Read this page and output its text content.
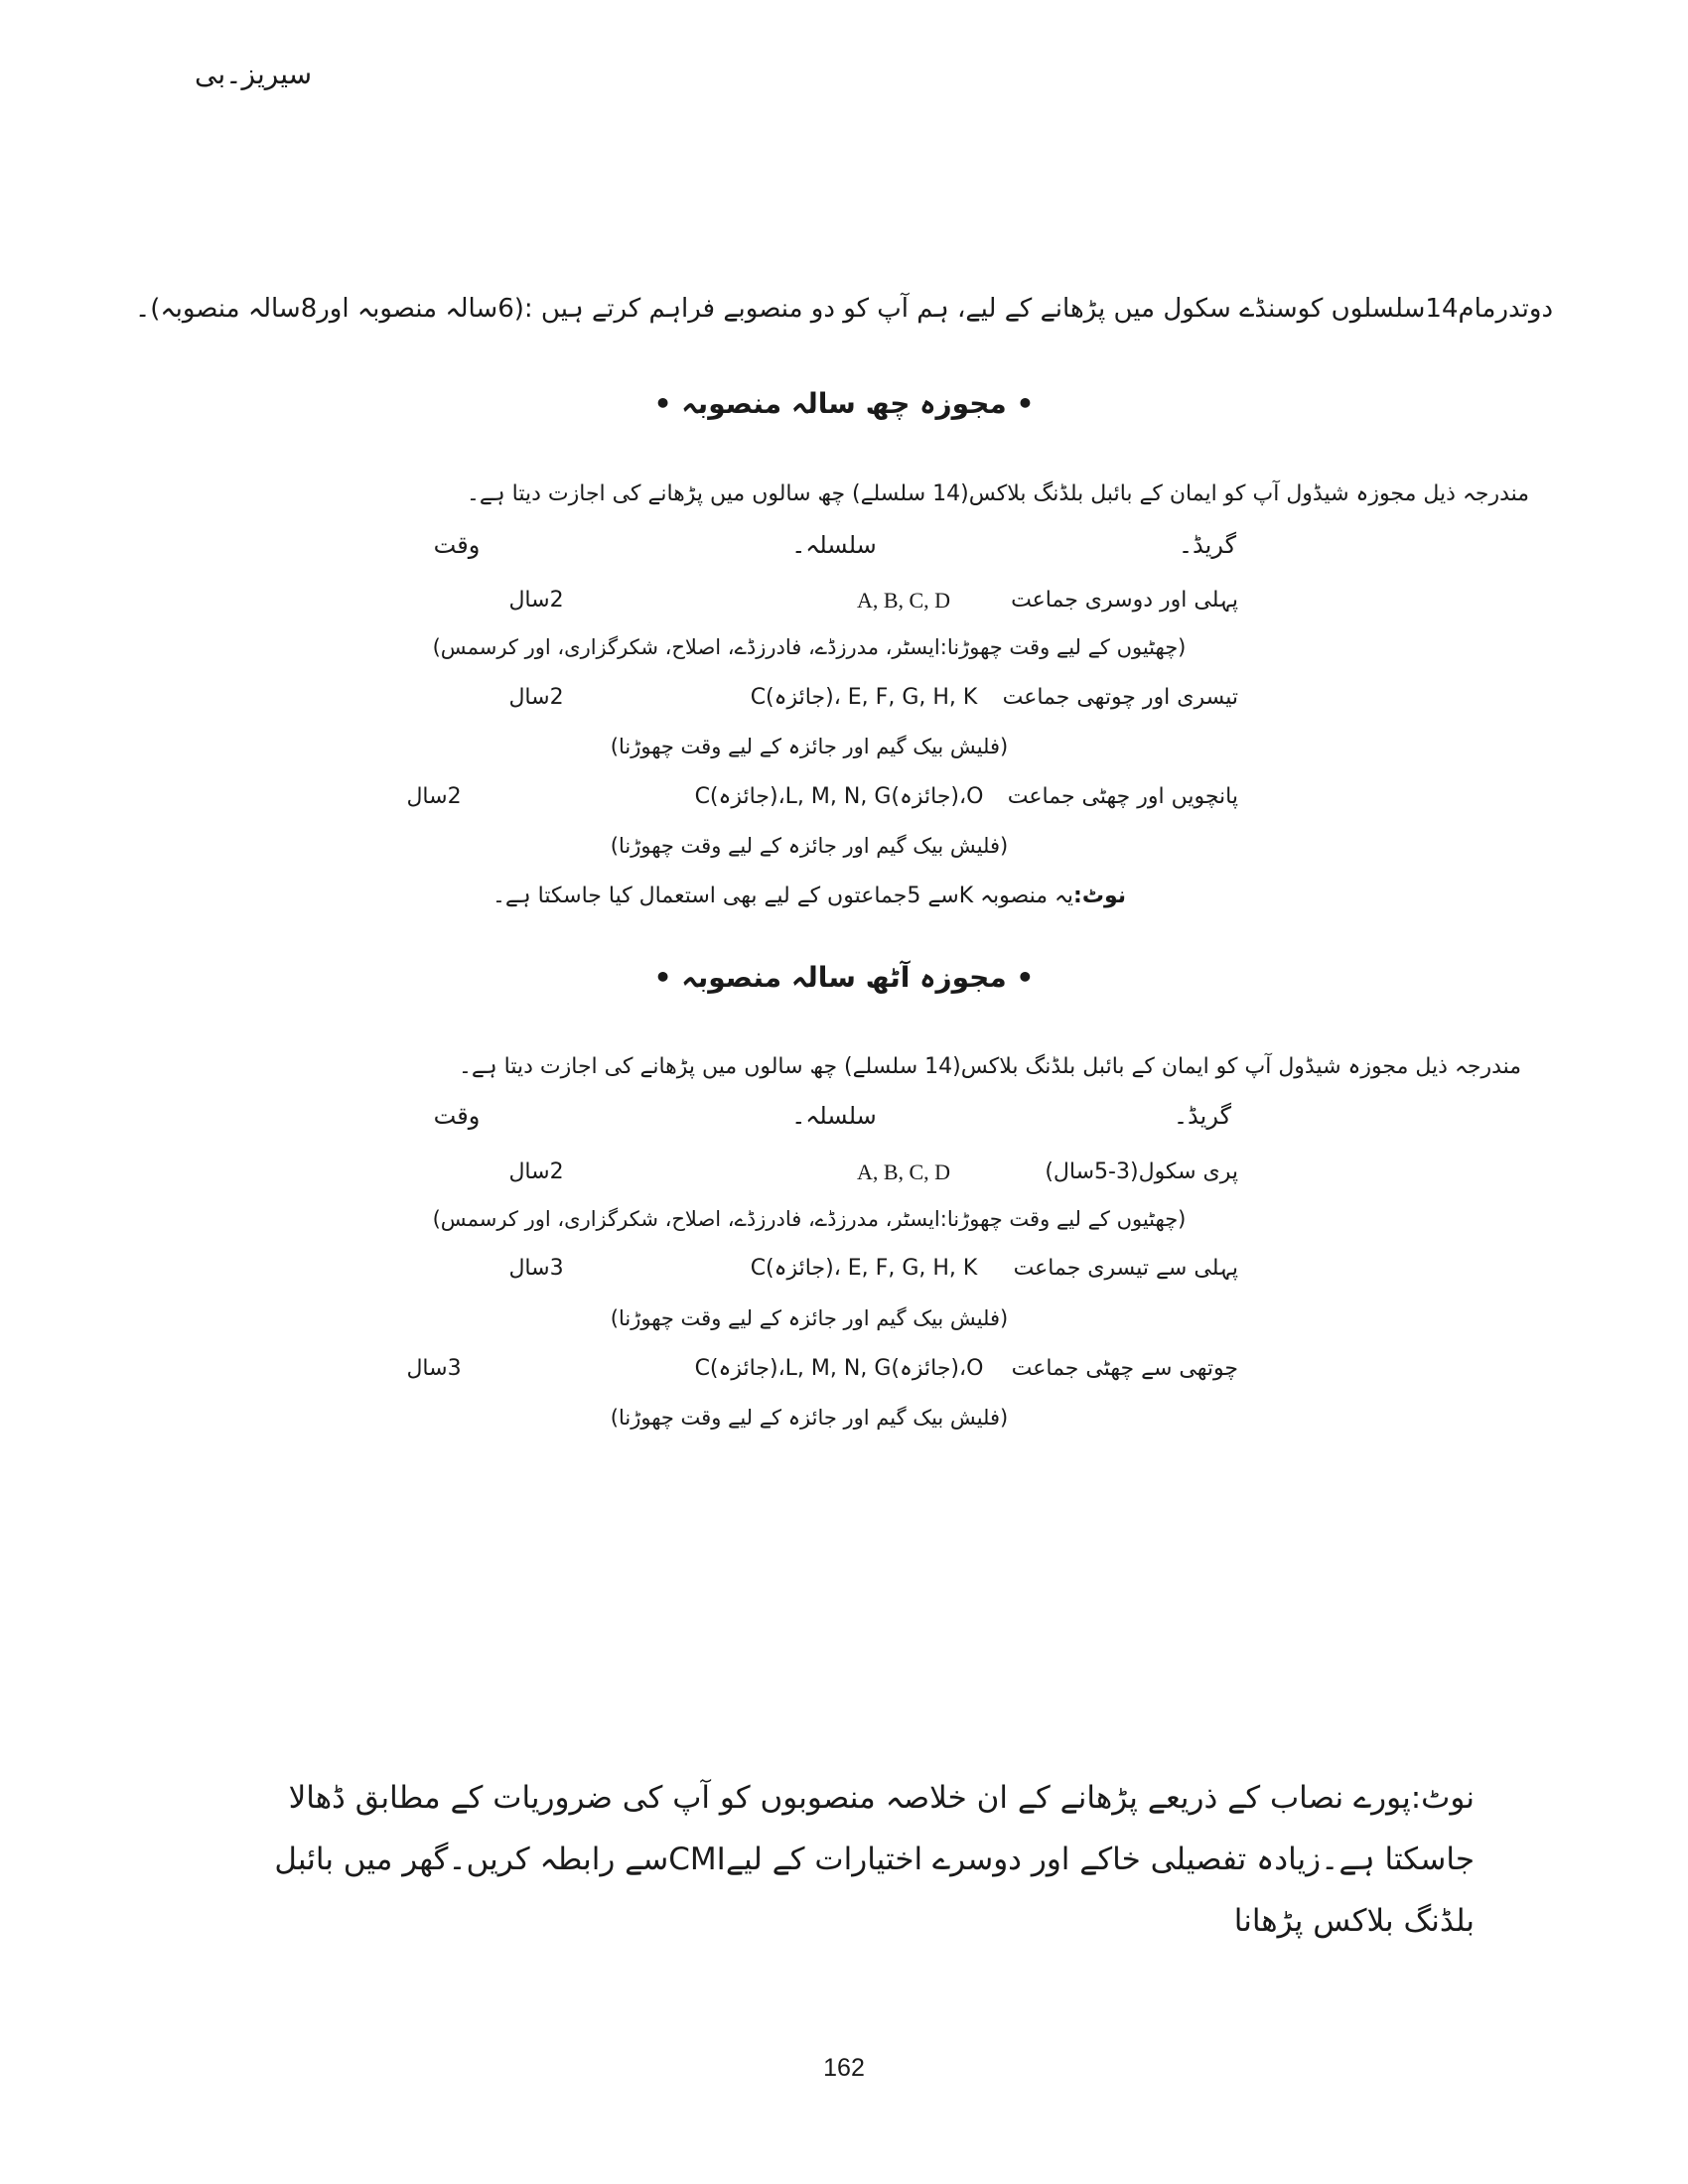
سیریز۔بی
دوتدرمام14سلسلوں کوسنڈے سکول میں پڑھانے کے لیے، ہم آپ کو دو منصوبے فراہم کرتے ہیں :(6سالہ منصوبہ اور8سالہ منصوبہ)۔
• مجوزہ چھ سالہ منصوبہ •
مندرجہ ذیل مجوزہ شیڈول آپ کو ایمان کے بائبل بلڈنگ بلاکس(14 سلسلے) چھ سالوں میں پڑھانے کی اجازت دیتا ہے۔
گریڈ۔
سلسلہ۔
وقت
پہلی اور دوسری جماعت
A, B, C, D
2سال
(چھٹیوں کے لیے وقت چھوڑنا:ایسٹر، مدرزڈے، فادرزڈے، اصلاح، شکرگزاری، اور کرسمس)
تیسری اور چوتھی جماعت
C(جائزہ)، E, F, G, H, K
2سال
(فلیش بیک گیم اور جائزہ کے لیے وقت چھوڑنا)
پانچویں اور چھٹی جماعت
C(جائزہ)،L, M, N, G(جائزہ)،O
2سال
(فلیش بیک گیم اور جائزہ کے لیے وقت چھوڑنا)
نوٹ:یہ منصوبہ Kسے 5جماعتوں کے لیے بھی استعمال کیا جاسکتا ہے۔
• مجوزہ آٹھ سالہ منصوبہ •
مندرجہ ذیل مجوزہ شیڈول آپ کو ایمان کے بائبل بلڈنگ بلاکس(14 سلسلے) چھ سالوں میں پڑھانے کی اجازت دیتا ہے۔
گریڈ۔
سلسلہ۔
وقت
پری سکول(3-5سال)
A, B, C, D
2سال
(چھٹیوں کے لیے وقت چھوڑنا:ایسٹر، مدرزڈے، فادرزڈے، اصلاح، شکرگزاری، اور کرسمس)
پہلی سے تیسری جماعت
C(جائزہ)، E, F, G, H, K
3سال
(فلیش بیک گیم اور جائزہ کے لیے وقت چھوڑنا)
چوتھی سے چھٹی جماعت
C(جائزہ)،L, M, N, G(جائزہ)،O
3سال
(فلیش بیک گیم اور جائزہ کے لیے وقت چھوڑنا)
نوٹ:پورے نصاب کے ذریعے پڑھانے کے ان خلاصہ منصوبوں کو آپ کی ضروریات کے مطابق ڈھالا جاسکتا ہے۔زیادہ تفصیلی خاکے اور دوسرے اختیارات کے لیےCMIسے رابطہ کریں۔گھر میں بائبل بلڈنگ بلاکس پڑھانا
162
